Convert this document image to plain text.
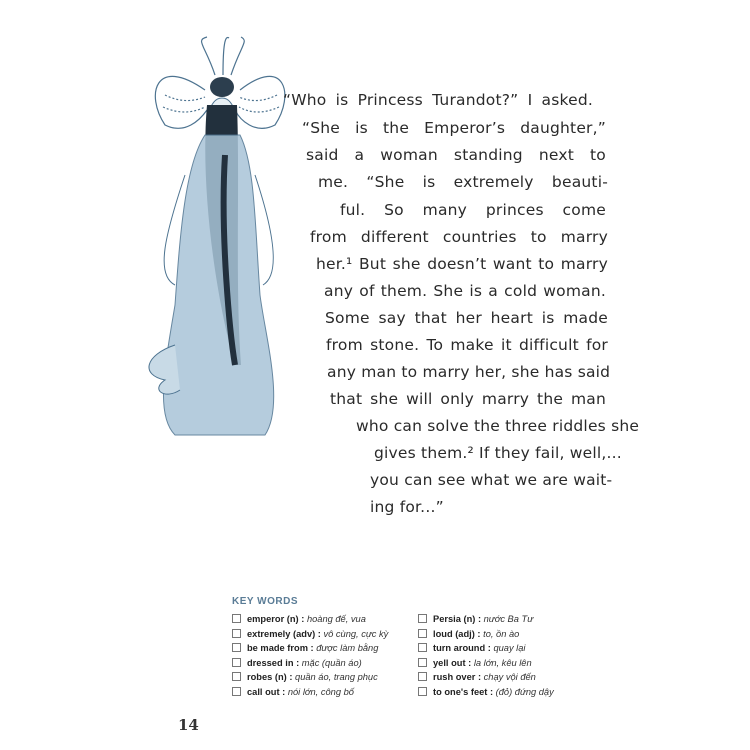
“Who is Princess Turandot?” I asked.
“She is the Emperor’s daughter,”
said a woman standing next to
me. “She is extremely beauti-
ful. So many princes come
from different countries to marry
her.¹ But she doesn’t want to marry
any of them. She is a cold woman.
Some say that her heart is made
from stone. To make it difficult for
any man to marry her, she has said
that she will only marry the man
who can solve the three riddles she
gives them.² If they fail, well,...
you can see what we are wait-
ing for...”
KEY WORDS
emperor (n) : hoàng đế, vua
extremely (adv) : vô cùng, cực kỳ
be made from : được làm bằng
dressed in : mặc (quần áo)
robes (n) : quần áo, trang phục
call out : nói lớn, công bố
Persia (n) : nước Ba Tư
loud (adj) : to, ồn ào
turn around : quay lại
yell out : la lớn, kêu lên
rush over : chạy vội đến
to one's feet : (đỏ) đứng dậy
14
